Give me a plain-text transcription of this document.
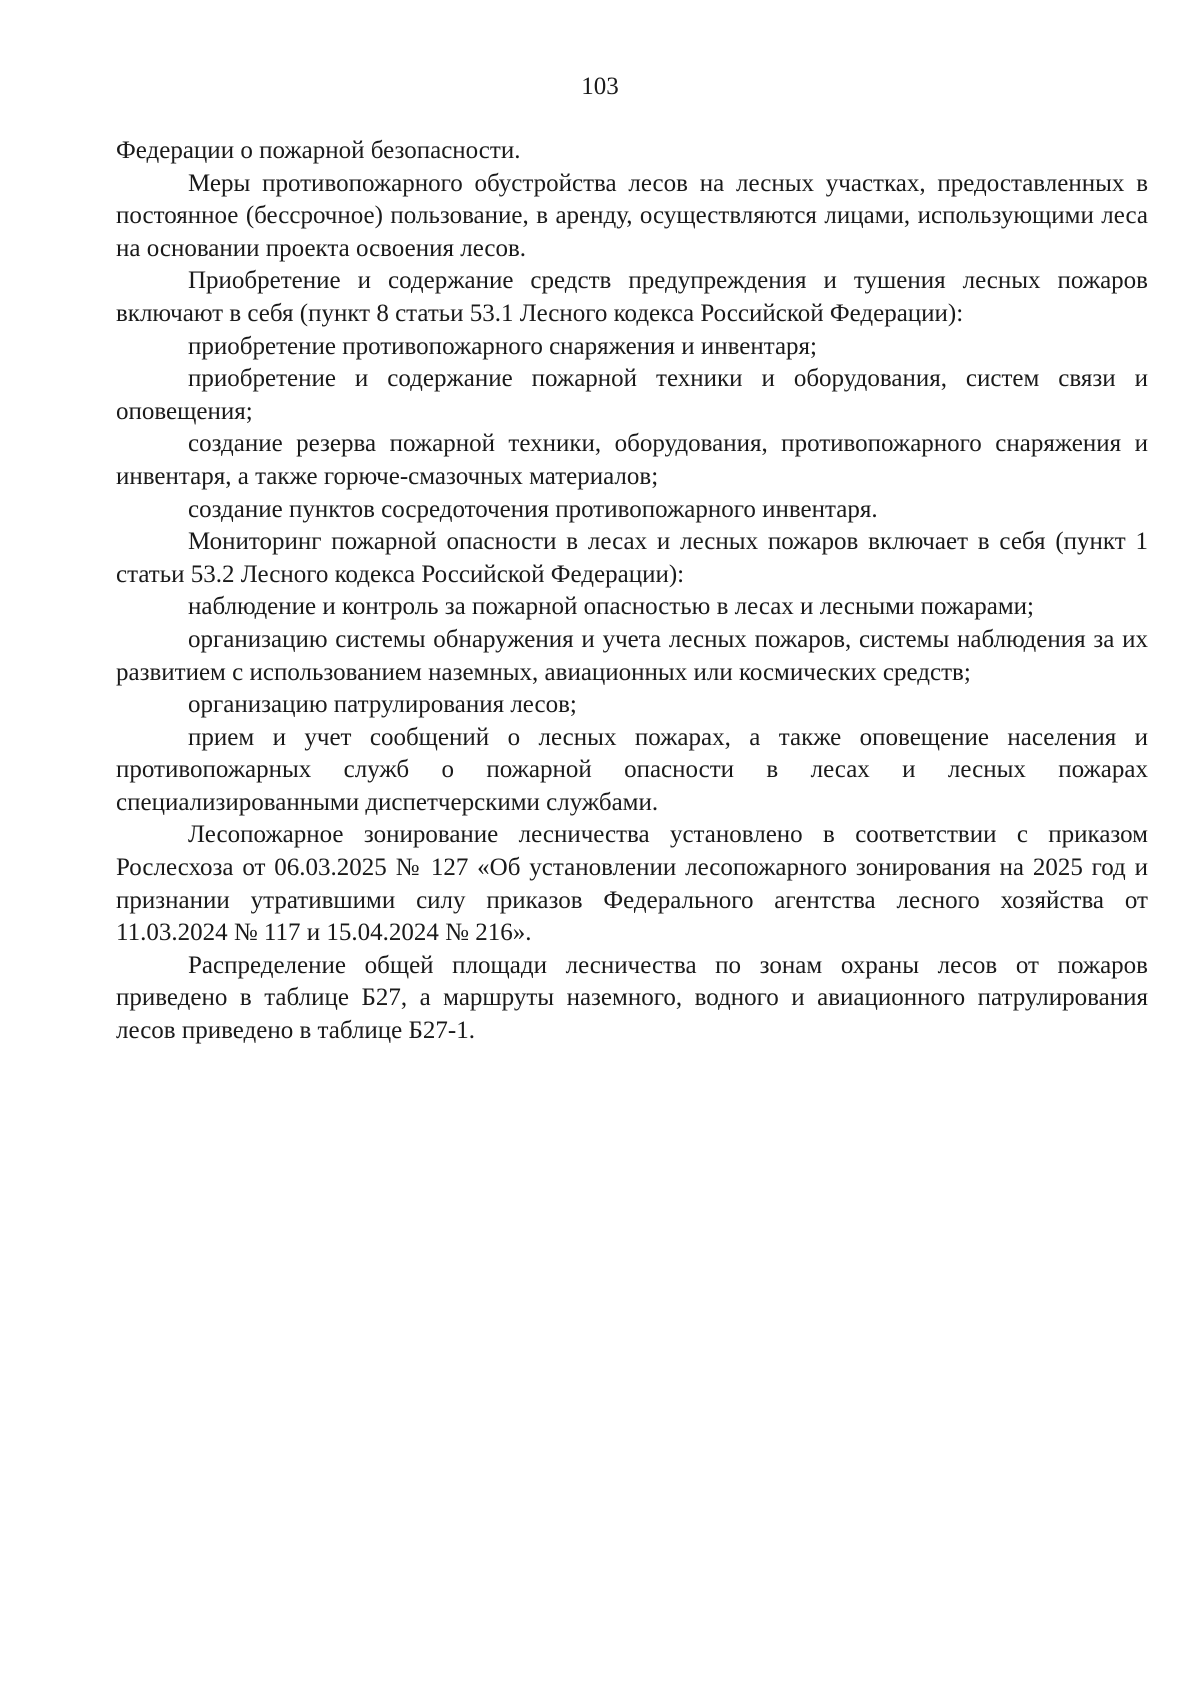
103

Федерации о пожарной безопасности.

Меры противопожарного обустройства лесов на лесных участках, предоставленных в постоянное (бессрочное) пользование, в аренду, осуществляются лицами, использующими леса на основании проекта освоения лесов.

Приобретение и содержание средств предупреждения и тушения лесных пожаров включают в себя (пункт 8 статьи 53.1 Лесного кодекса Российской Федерации):

приобретение противопожарного снаряжения и инвентаря;

приобретение и содержание пожарной техники и оборудования, систем связи и оповещения;

создание резерва пожарной техники, оборудования, противопожарного снаряжения и инвентаря, а также горюче-смазочных материалов;

создание пунктов сосредоточения противопожарного инвентаря.

Мониторинг пожарной опасности в лесах и лесных пожаров включает в себя (пункт 1 статьи 53.2 Лесного кодекса Российской Федерации):

наблюдение и контроль за пожарной опасностью в лесах и лесными пожарами;

организацию системы обнаружения и учета лесных пожаров, системы наблюдения за их развитием с использованием наземных, авиационных или космических средств;

организацию патрулирования лесов;

прием и учет сообщений о лесных пожарах, а также оповещение населения и противопожарных служб о пожарной опасности в лесах и лесных пожарах специализированными диспетчерскими службами.

Лесопожарное зонирование лесничества установлено в соответствии с приказом Рослесхоза от 06.03.2025 № 127 «Об установлении лесопожарного зонирования на 2025 год и признании утратившими силу приказов Федерального агентства лесного хозяйства от 11.03.2024 № 117 и 15.04.2024 № 216».

Распределение общей площади лесничества по зонам охраны лесов от пожаров приведено в таблице Б27, а маршруты наземного, водного и авиационного патрулирования лесов приведено в таблице Б27-1.
